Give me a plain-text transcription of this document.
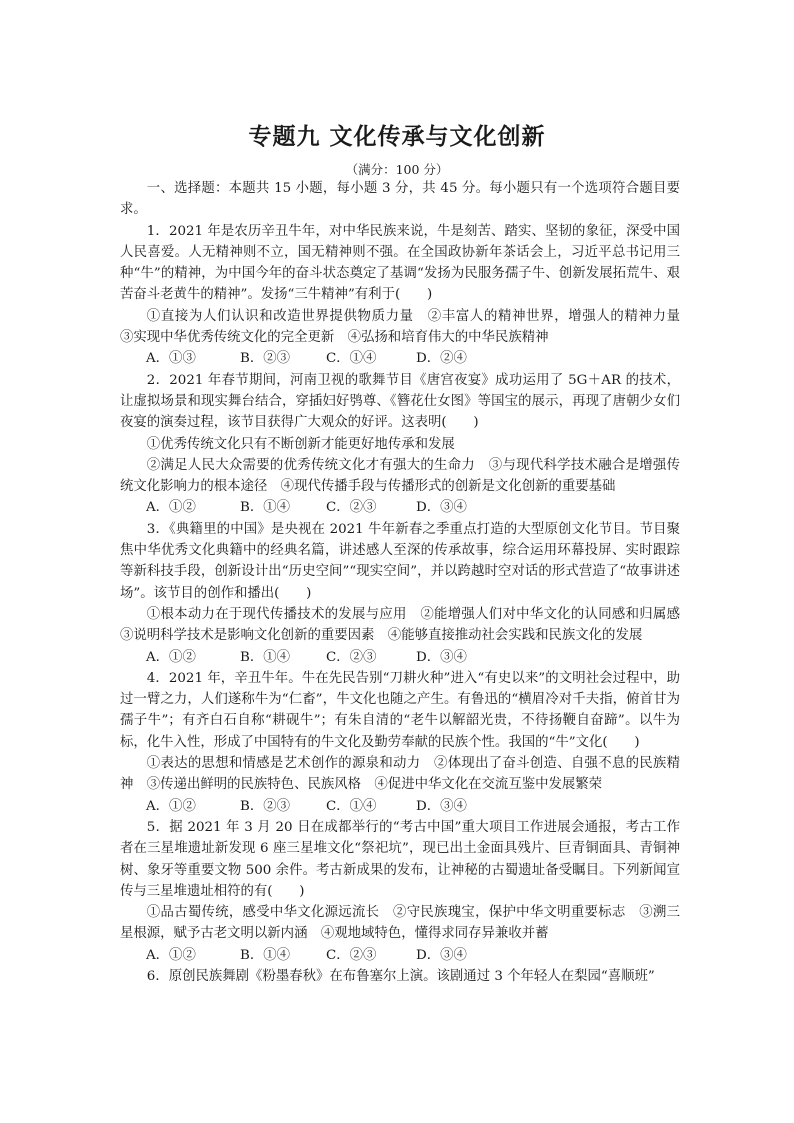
专题九 文化传承与文化创新
（满分：100 分）

一、选择题：本题共 15 小题，每小题 3 分，共 45 分。每小题只有一个选项符合题目要求。

1．2021 年是农历辛丑牛年，对中华民族来说，牛是刻苦、踏实、坚韧的象征，深受中国人民喜爱。人无精神则不立，国无精神则不强。在全国政协新年茶话会上，习近平总书记用三种“牛”的精神，为中国今年的奋斗状态奠定了基调“发扬为民服务孺子牛、创新发展拓荒牛、艰苦奋斗老黄牛的精神”。发扬“三牛精神”有利于(　　)

①直接为人们认识和改造世界提供物质力量　②丰富人的精神世界，增强人的精神力量　③实现中华优秀传统文化的完全更新　④弘扬和培育伟大的中华民族精神

A．①③	B．②③	C．①④	D．②④

2．2021 年春节期间，河南卫视的歌舞节目《唐宫夜宴》成功运用了 5G＋AR 的技术，让虚拟场景和现实舞台结合，穿插妇好鸮尊、《簪花仕女图》等国宝的展示，再现了唐朝少女们夜宴的演奏过程，该节目获得广大观众的好评。这表明(　　)

①优秀传统文化只有不断创新才能更好地传承和发展

②满足人民大众需要的优秀传统文化才有强大的生命力　③与现代科学技术融合是增强传统文化影响力的根本途径　④现代传播手段与传播形式的创新是文化创新的重要基础

A．①②	B．①④	C．②③	D．③④

3．《典籍里的中国》是央视在 2021 牛年新春之季重点打造的大型原创文化节目。节目聚焦中华优秀文化典籍中的经典名篇，讲述感人至深的传承故事，综合运用环幕投屏、实时跟踪等新科技手段，创新设计出“历史空间”“现实空间”，并以跨越时空对话的形式营造了“故事讲述场”。该节目的创作和播出(　　)

①根本动力在于现代传播技术的发展与应用　②能增强人们对中华文化的认同感和归属感　③说明科学技术是影响文化创新的重要因素　④能够直接推动社会实践和民族文化的发展

A．①②	B．①④	C．②③	D．③④

4．2021 年，辛丑牛年。牛在先民告别“刀耕火种”进入“有史以来”的文明社会过程中，助过一臂之力，人们遂称牛为“仁畜”，牛文化也随之产生。有鲁迅的“横眉冷对千夫指，俯首甘为孺子牛”；有齐白石自称“耕砚牛”；有朱自清的“老牛以解韶光贵，不待扬鞭自奋蹄”。以牛为标，化牛入性，形成了中国特有的牛文化及勤劳奉献的民族个性。我国的“牛”文化(　　)

①表达的思想和情感是艺术创作的源泉和动力　②体现出了奋斗创造、自强不息的民族精神　③传递出鲜明的民族特色、民族风格　④促进中华文化在交流互鉴中发展繁荣

A．①②	B．②③	C．①④	D．③④

5．据 2021 年 3 月 20 日在成都举行的“考古中国”重大项目工作进展会通报，考古工作者在三星堆遗址新发现 6 座三星堆文化“祭祀坑”，现已出土金面具残片、巨青铜面具、青铜神树、象牙等重要文物 500 余件。考古新成果的发布，让神秘的古蜀遗址备受瞩目。下列新闻宣传与三星堆遗址相符的有(　　)

①品古蜀传统，感受中华文化源远流长　②守民族瑰宝，保护中华文明重要标志　③溯三星根源，赋予古老文明以新内涵　④观地域特色，懂得求同存异兼收并蓄

A．①②	B．①④	C．②③	D．③④

6．原创民族舞剧《粉墨春秋》在布鲁塞尔上演。该剧通过 3 个年轻人在梨园“喜顺班”
